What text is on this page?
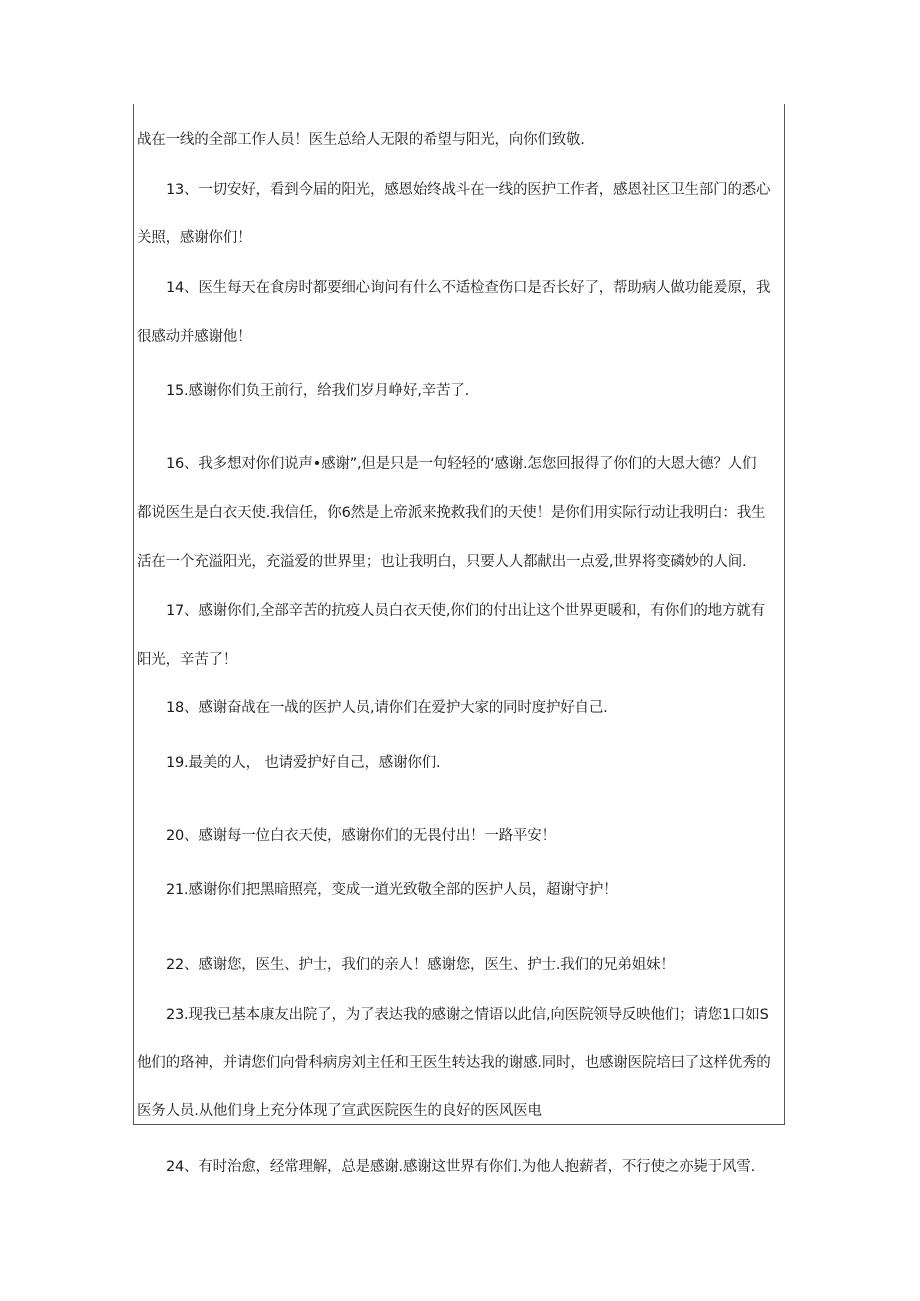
战在一线的全部工作人员！医生总给人无限的希望与阳光，向你们致敬.

13、一切安好，看到今届的阳光，感恩始终战斗在一线的医护工作者，感恩社区卫生部门的悉心

关照，感谢你们！

14、医生每天在食房时都要细心询问有什么不适检查伤口是否长好了，帮助病人做功能爰原，我

很感动并感谢他！

15.感谢你们负王前行，给我们岁月峥好,辛苦了.

16、我多想对你们说声•感谢”,但是只是一句轻轻的‘感谢.怎您回报得了你们的大恩大德？人们

都说医生是白衣天使.我信任，你6然是上帝派来挽救我们的天使！是你们用实际行动让我明白：我生

活在一个充溢阳光，充溢爱的世界里；也让我明白，只要人人都献出一点爱,世界将变磷妙的人间.

17、感谢你们,全部辛苦的抗疫人员白衣天使,你们的付出让这个世界更暖和，有你们的地方就有

阳光，辛苦了！

18、感谢奋战在一战的医护人员,请你们在爱护大家的同时度护好自己.

19.最美的人， 也请爱护好自己，感谢你们.

20、感谢每一位白衣天使，感谢你们的无畏付出！一路平安！

21.感谢你们把黑暗照亮，变成一道光致敬全部的医护人员，超谢守护！

22、感谢您，医生、护士，我们的亲人！感谢您，医生、护士.我们的兄弟姐妹！

23.现我已基本康友出院了，为了表达我的感谢之情语以此信,向医院领导反映他们；请您1口如S

他们的珞神，并请您们向骨科病房刘主任和王医生转达我的谢感.同时，也感谢医院培曰了这样优秀的

医务人员.从他们身上充分体现了宣武医院医生的良好的医风医电

24、有时治愈，经常理解，总是感谢.感谢这世界有你们.为他人抱薪者，不行使之亦毙于风雪.
